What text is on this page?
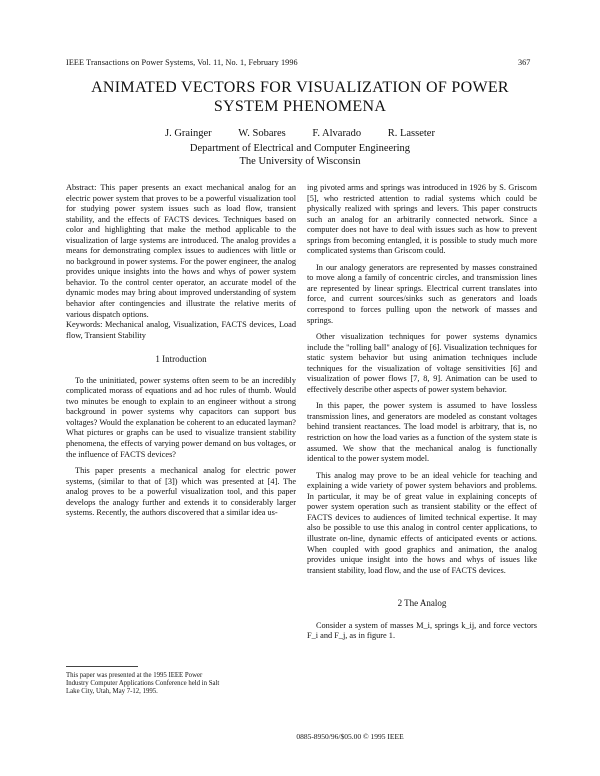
IEEE Transactions on Power Systems, Vol. 11, No. 1, February 1996	367
ANIMATED VECTORS FOR VISUALIZATION OF POWER
SYSTEM PHENOMENA
J. Grainger	W. Sobares	F. Alvarado	R. Lasseter
Department of Electrical and Computer Engineering
The University of Wisconsin

Abstract: This paper presents an exact mechanical analog for an electric power system that proves to be a powerful visualization tool for studying power system issues such as load flow, transient stability, and the effects of FACTS devices. Techniques based on color and highlighting that make the method applicable to the visualization of large systems are introduced. The analog provides a means for demonstrating complex issues to audiences with little or no background in power systems. For the power engineer, the analog provides unique insights into the hows and whys of power system behavior. To the control center operator, an accurate model of the dynamic modes may bring about improved understanding of system behavior after contingencies and illustrate the relative merits of various dispatch options.

Keywords: Mechanical analog, Visualization, FACTS devices, Load flow, Transient Stability

1 Introduction

To the uninitiated, power systems often seem to be an incredibly complicated morass of equations and ad hoc rules of thumb. Would two minutes be enough to explain to an engineer without a strong background in power systems why capacitors can support bus voltages? Would the explanation be coherent to an educated layman? What pictures or graphs can be used to visualize transient stability phenomena, the effects of varying power demand on bus voltages, or the influence of FACTS devices?

This paper presents a mechanical analog for electric power systems, (similar to that of [3]) which was presented at [4]. The analog proves to be a powerful visualization tool, and this paper develops the analogy further and extends it to considerably larger systems. Recently, the authors discovered that a similar idea us-

ing pivoted arms and springs was introduced in 1926 by S. Griscom [5], who restricted attention to radial systems which could be physically realized with springs and levers. This paper constructs such an analog for an arbitrarily connected network. Since a computer does not have to deal with issues such as how to prevent springs from becoming entangled, it is possible to study much more complicated systems than Griscom could.

In our analogy generators are represented by masses constrained to move along a family of concentric circles, and transmission lines are represented by linear springs. Electrical current translates into force, and current sources/sinks such as generators and loads correspond to forces pulling upon the network of masses and springs.

Other visualization techniques for power systems dynamics include the "rolling ball" analogy of [6]. Visualization techniques for static system behavior but using animation techniques include techniques for the visualization of voltage sensitivities [6] and visualization of power flows [7, 8, 9]. Animation can be used to effectively describe other aspects of power system behavior.

In this paper, the power system is assumed to have lossless transmission lines, and generators are modeled as constant voltages behind transient reactances. The load model is arbitrary, that is, no restriction on how the load varies as a function of the system state is assumed. We show that the mechanical analog is functionally identical to the power system model.

This analog may prove to be an ideal vehicle for teaching and explaining a wide variety of power system behaviors and problems. In particular, it may be of great value in explaining concepts of power system operation such as transient stability or the effect of FACTS devices to audiences of limited technical expertise. It may also be possible to use this analog in control center applications, to illustrate on-line, dynamic effects of anticipated events or actions. When coupled with good graphics and animation, the analog provides unique insight into the hows and whys of issues like transient stability, load flow, and the use of FACTS devices.

2 The Analog

Consider a system of masses M_i, springs k_ij, and force vectors F_i and F_j, as in figure 1.

This paper was presented at the 1995 IEEE Power Industry Computer Applications Conference held in Salt Lake City, Utah, May 7-12, 1995.
0885-8950/96/$05.00 © 1995 IEEE
